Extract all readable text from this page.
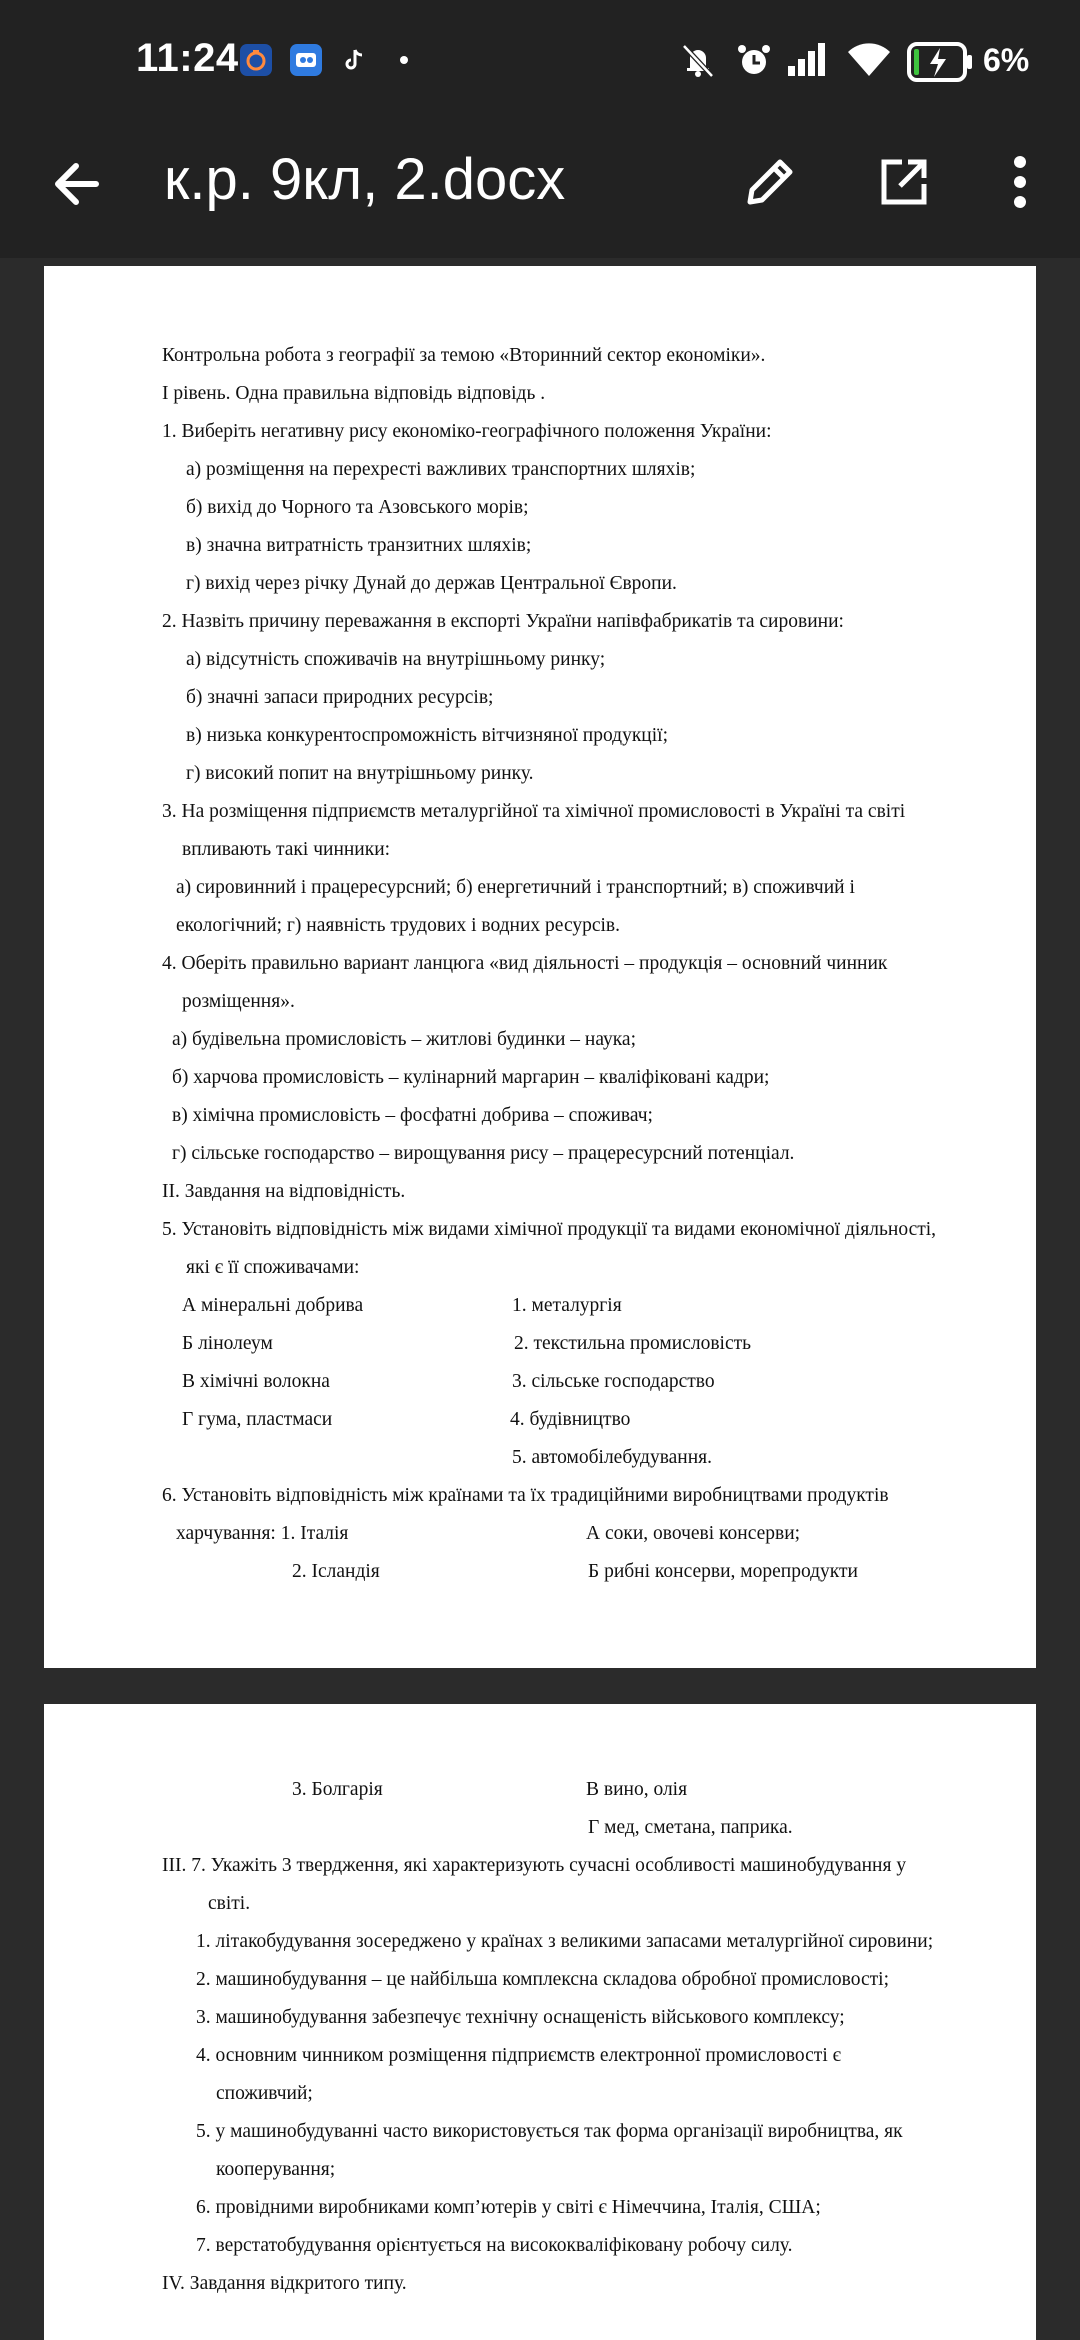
11:24	6%
к.р. 9кл, 2.docx
Контрольна робота з географії за темою «Вторинний сектор економіки».
І рівень. Одна правильна відповідь відповідь .
1. Виберіть негативну рису економіко-географічного положення України:
а) розміщення на перехресті важливих транспортних шляхів;
б) вихід до Чорного та Азовського морів;
в) значна витратність транзитних шляхів;
г) вихід через річку Дунай до держав Центральної Європи.
2. Назвіть причину переважання в експорті України напівфабрикатів та сировини:
а) відсутність споживачів на внутрішньому ринку;
б) значні запаси природних ресурсів;
в) низька конкурентоспроможність вітчизняної продукції;
г) високий попит на внутрішньому ринку.
3. На розміщення підприємств металургійної та хімічної промисловості в Україні та світі
впливають такі чинники:
а) сировинний і працересурсний; б) енергетичний і транспортний; в) споживчий і
екологічний; г) наявність трудових і водних ресурсів.
4. Оберіть правильно вариант ланцюга «вид діяльності – продукція – основний чинник
розміщення».
а) будівельна промисловість – житлові будинки – наука;
б) харчова промисловість – кулінарний маргарин – кваліфіковані кадри;
в) хімічна промисловість – фосфатні добрива – споживач;
г) сільське господарство – вирощування рису – працересурсний потенціал.
ІІ. Завдання на відповідність.
5. Установіть відповідність між видами хімічної продукції та видами економічної діяльності,
які є її споживачами:
А мінеральні добрива	1. металургія
Б лінолеум	2. текстильна промисловість
В хімічні волокна	3. сільське господарство
Г гума, пластмаси	4. будівництво
5. автомобілебудування.
6. Установіть відповідність між країнами та їх традиційними виробництвами продуктів
харчування: 1. Італія	А соки, овочеві консерви;
2. Ісландія	Б рибні консерви, морепродукти
3. Болгарія	В вино, олія
Г мед, сметана, паприка.
ІІІ. 7. Укажіть 3 твердження, які характеризують сучасні особливості машинобудування у
світі.
1. літакобудування зосереджено у країнах з великими запасами металургійної сировини;
2. машинобудування – це найбільша комплексна складова обробної промисловості;
3. машинобудування забезпечує технічну оснащеність військового комплексу;
4. основним чинником розміщення підприємств електронної промисловості є
споживчий;
5. у машинобудуванні часто використовується так форма організації виробництва, як
кооперування;
6. провідними виробниками комп’ютерів у світі є Німеччина, Італія, США;
7. верстатобудування орієнтується на висококваліфіковану робочу силу.
IV. Завдання відкритого типу.
